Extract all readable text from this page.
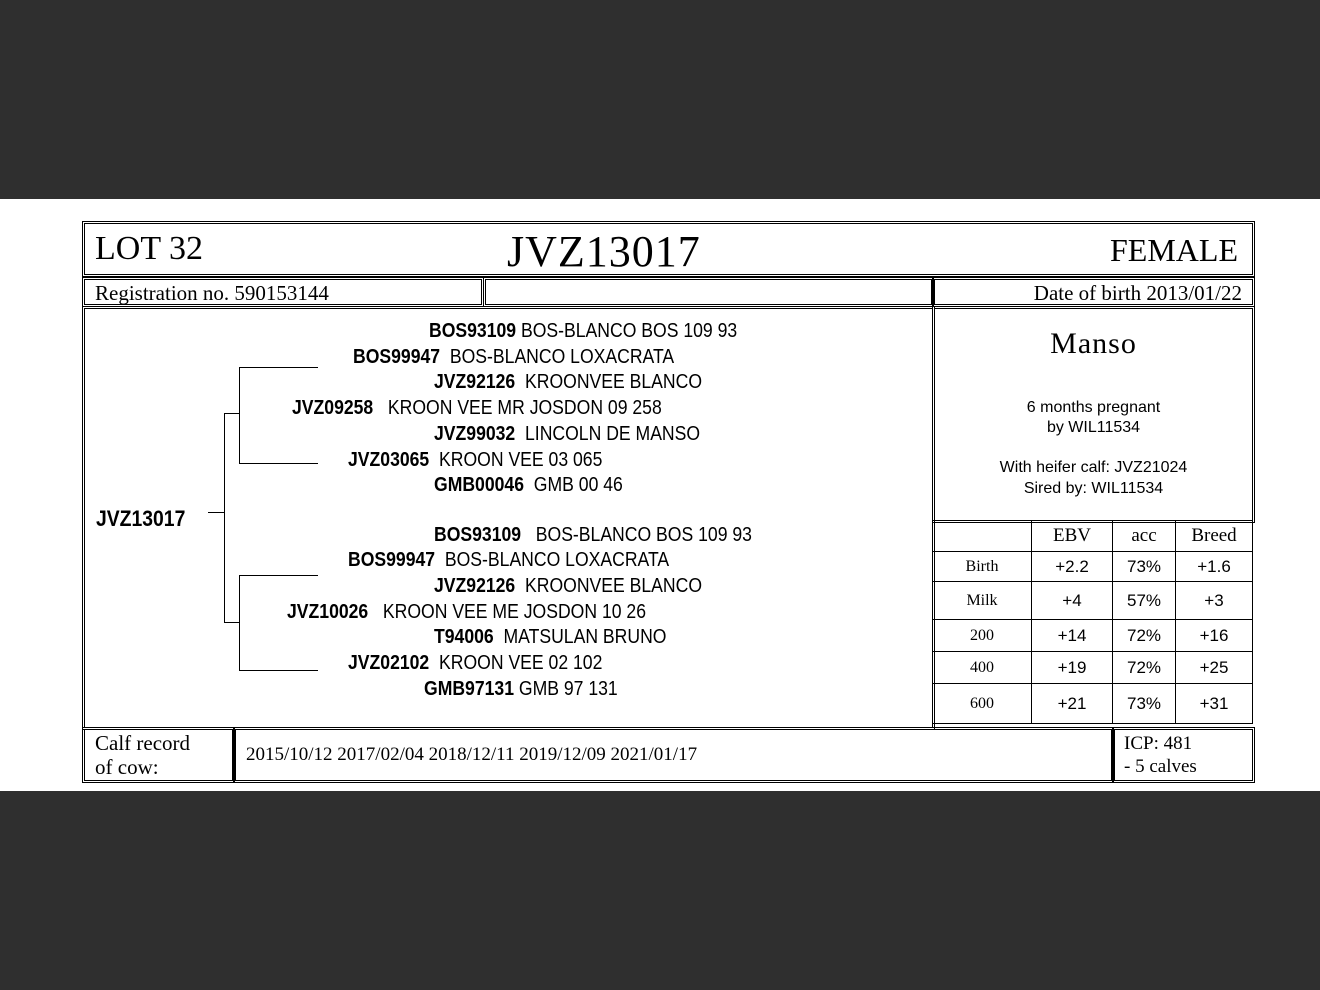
LOT 32	JVZ13017	FEMALE
Registration no. 590153144	Date of birth 2013/01/22
JVZ13017
BOS93109 BOS-BLANCO BOS 109 93
BOS99947 BOS-BLANCO LOXACRATA
JVZ92126 KROONVEE BLANCO
JVZ09258 KROON VEE MR JOSDON 09 258
JVZ99032 LINCOLN DE MANSO
JVZ03065 KROON VEE 03 065
GMB00046 GMB 00 46
BOS93109 BOS-BLANCO BOS 109 93
BOS99947 BOS-BLANCO LOXACRATA
JVZ92126 KROONVEE BLANCO
JVZ10026 KROON VEE ME JOSDON 10 26
T94006 MATSULAN BRUNO
JVZ02102 KROON VEE 02 102
GMB97131 GMB 97 131
Manso
6 months pregnant
by WIL11534
With heifer calf: JVZ21024
Sired by: WIL11534
	EBV	acc	Breed
Birth	+2.2	73%	+1.6
Milk	+4	57%	+3
200	+14	72%	+16
400	+19	72%	+25
600	+21	73%	+31
Calf record
of cow:
2015/10/12 2017/02/04 2018/12/11 2019/12/09 2021/01/17
ICP: 481
- 5 calves
